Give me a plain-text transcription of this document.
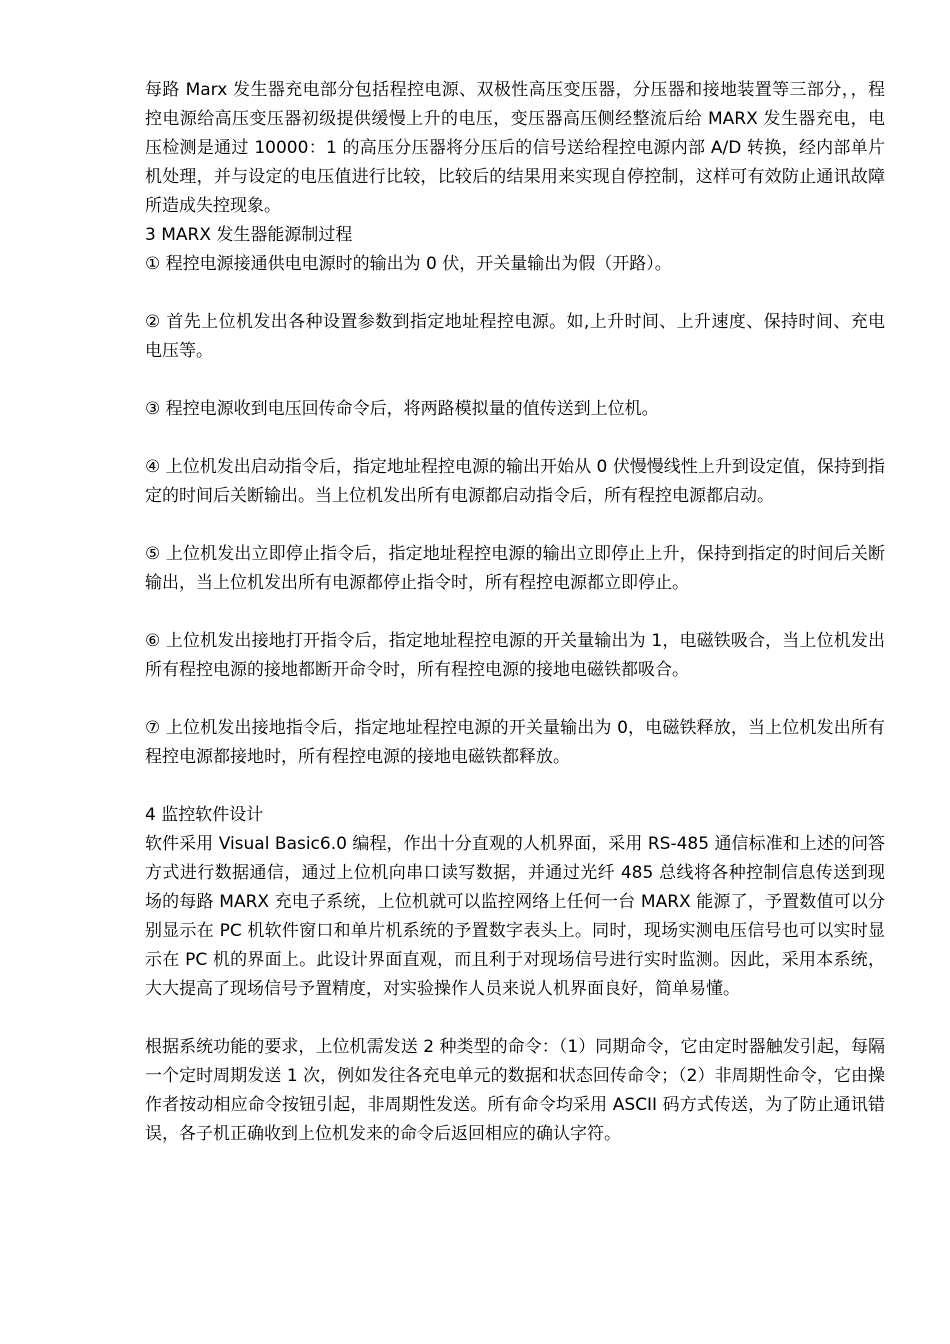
每路 Marx 发生器充电部分包括程控电源、双极性高压变压器，分压器和接地装置等三部分，，程控电源给高压变压器初级提供缓慢上升的电压，变压器高压侧经整流后给 MARX 发生器充电，电压检测是通过 10000：1 的高压分压器将分压后的信号送给程控电源内部 A/D 转换，经内部单片机处理，并与设定的电压值进行比较，比较后的结果用来实现自停控制，这样可有效防止通讯故障所造成失控现象。

3 MARX 发生器能源制过程

① 程控电源接通供电电源时的输出为 0 伏，开关量输出为假（开路）。

② 首先上位机发出各种设置参数到指定地址程控电源。如,上升时间、上升速度、保持时间、充电电压等。

③ 程控电源收到电压回传命令后，将两路模拟量的值传送到上位机。

④ 上位机发出启动指令后，指定地址程控电源的输出开始从 0 伏慢慢线性上升到设定值，保持到指定的时间后关断输出。当上位机发出所有电源都启动指令后，所有程控电源都启动。

⑤ 上位机发出立即停止指令后，指定地址程控电源的输出立即停止上升，保持到指定的时间后关断输出，当上位机发出所有电源都停止指令时，所有程控电源都立即停止。

⑥ 上位机发出接地打开指令后，指定地址程控电源的开关量输出为 1，电磁铁吸合，当上位机发出所有程控电源的接地都断开命令时，所有程控电源的接地电磁铁都吸合。

⑦ 上位机发出接地指令后，指定地址程控电源的开关量输出为 0，电磁铁释放，当上位机发出所有程控电源都接地时，所有程控电源的接地电磁铁都释放。

4 监控软件设计

软件采用 Visual Basic6.0 编程，作出十分直观的人机界面，采用 RS-485 通信标准和上述的问答方式进行数据通信，通过上位机向串口读写数据，并通过光纤 485 总线将各种控制信息传送到现场的每路 MARX 充电子系统，上位机就可以监控网络上任何一台 MARX 能源了，予置数值可以分别显示在 PC 机软件窗口和单片机系统的予置数字表头上。同时，现场实测电压信号也可以实时显示在 PC 机的界面上。此设计界面直观，而且利于对现场信号进行实时监测。因此，采用本系统，大大提高了现场信号予置精度，对实验操作人员来说人机界面良好，简单易懂。

根据系统功能的要求，上位机需发送 2 种类型的命令：（1）同期命令，它由定时器触发引起，每隔一个定时周期发送 1 次，例如发往各充电单元的数据和状态回传命令；（2）非周期性命令，它由操作者按动相应命令按钮引起，非周期性发送。所有命令均采用 ASCII 码方式传送，为了防止通讯错误，各子机正确收到上位机发来的命令后返回相应的确认字符。
